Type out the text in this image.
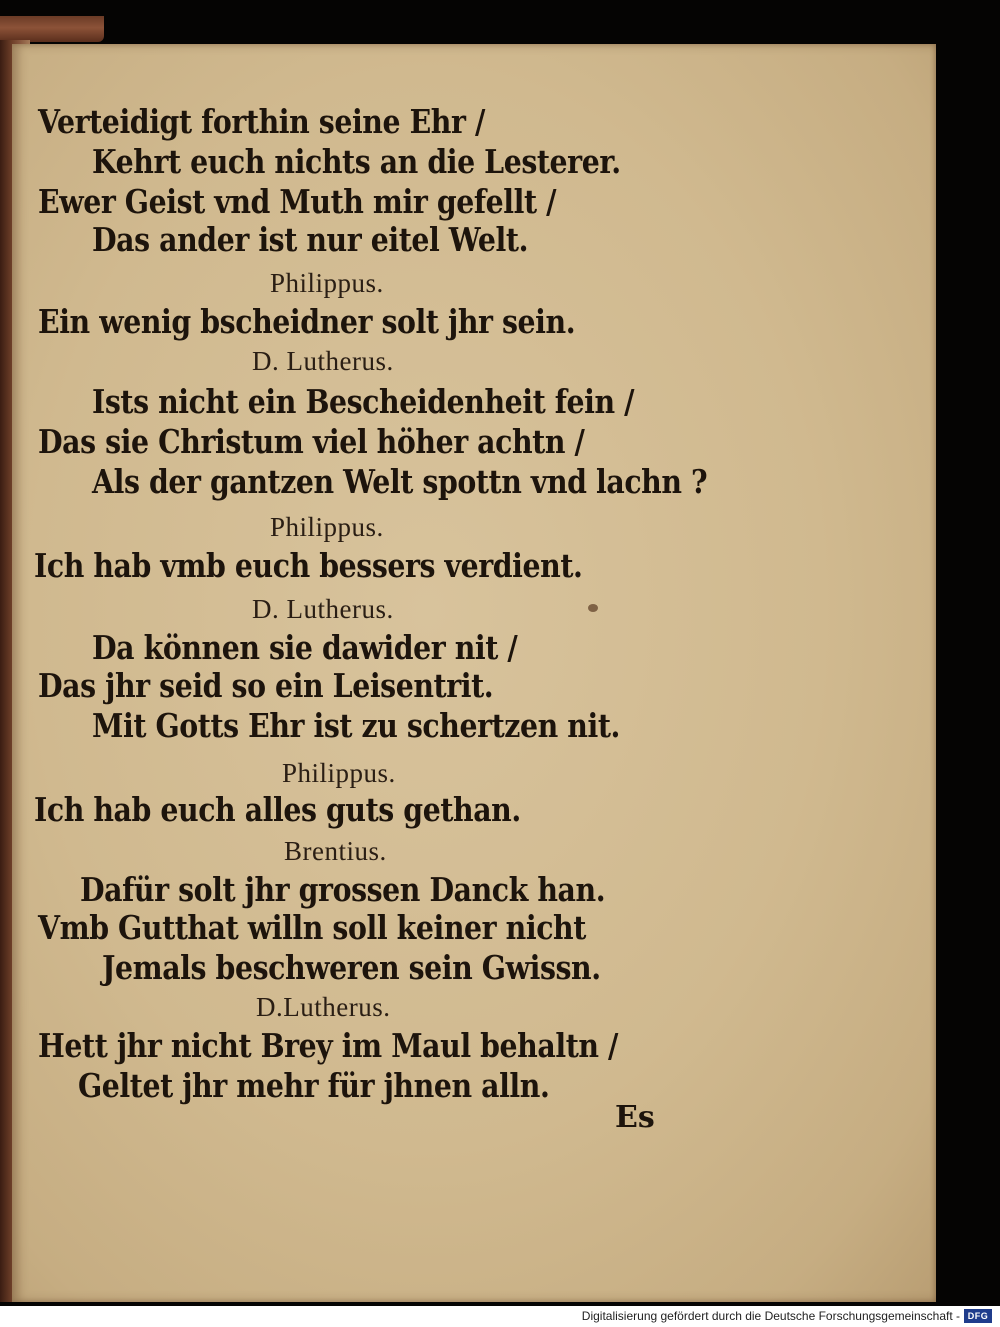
Verteidigt forthin seine Ehr /
Kehrt euch nichts an die Lesterer.
Ewer Geist vnd Muth mir gefellt /
Das ander ist nur eitel Welt.
Philippus.
Ein wenig bscheidner solt jhr sein.
D. Lutherus.
Ists nicht ein Bescheidenheit fein /
Das sie Christum viel höher achtn /
Als der gantzen Welt spottn vnd lachn ?
Philippus.
Ich hab vmb euch bessers verdient.
D. Lutherus.
Da können sie dawider nit /
Das jhr seid so ein Leisentrit.
Mit Gotts Ehr ist zu schertzen nit.
Philippus.
Ich hab euch alles guts gethan.
Brentius.
Dafür solt jhr grossen Danck han.
Vmb Gutthat willn soll keiner nicht
Jemals beschweren sein Gwissn.
D.Lutherus.
Hett jhr nicht Brey im Maul behaltn /
Geltet jhr mehr für jhnen alln.
Es
Digitalisierung gefördert durch die Deutsche Forschungsgemeinschaft - DFG
